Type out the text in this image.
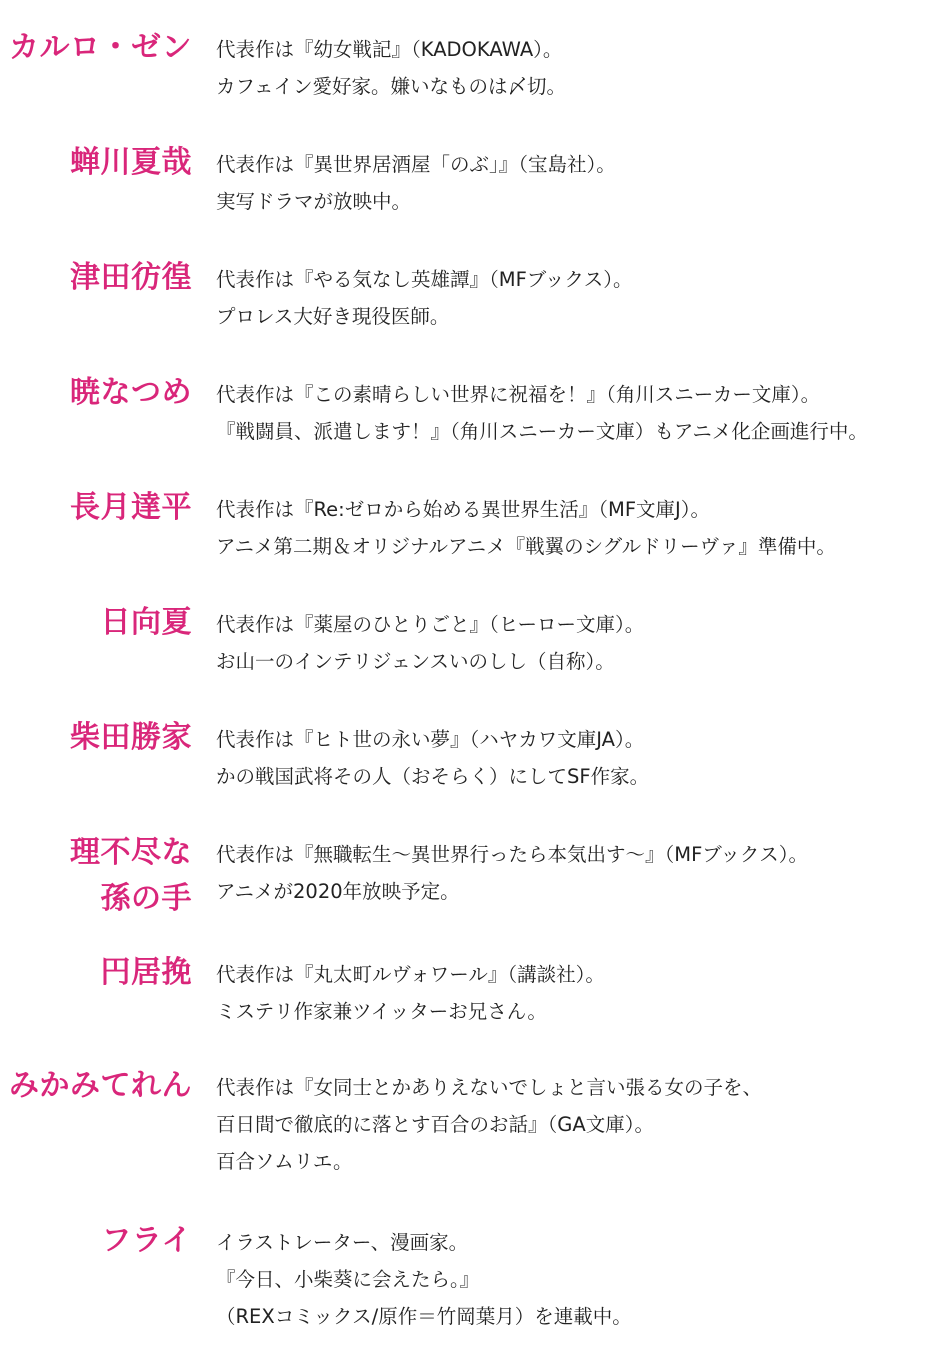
カルロ・ゼン 代表作は『幼女戦記』（KADOKAWA）。
カフェイン愛好家。嫌いなものは〆切。
蝉川夏哉 代表作は『異世界居酒屋「のぶ」』（宝島社）。
実写ドラマが放映中。
津田彷徨 代表作は『やる気なし英雄譚』（MFブックス）。
プロレス大好き現役医師。
暁なつめ 代表作は『この素晴らしい世界に祝福を！』（角川スニーカー文庫）。
『戦闘員、派遣します！』（角川スニーカー文庫）もアニメ化企画進行中。
長月達平 代表作は『Re:ゼロから始める異世界生活』（MF文庫J）。
アニメ第二期＆オリジナルアニメ『戦翼のシグルドリーヴァ』準備中。
日向夏 代表作は『薬屋のひとりごと』（ヒーロー文庫）。
お山一のインテリジェンスいのしし（自称）。
柴田勝家 代表作は『ヒト世の永い夢』（ハヤカワ文庫JA）。
かの戦国武将その人（おそらく）にしてSF作家。
理不尽な
孫の手
代表作は『無職転生～異世界行ったら本気出す～』（MFブックス）。
アニメが2020年放映予定。
円居挽 代表作は『丸太町ルヴォワール』（講談社）。
ミステリ作家兼ツイッターお兄さん。
みかみてれん 代表作は『女同士とかありえないでしょと言い張る女の子を、
百日間で徹底的に落とす百合のお話』（GA文庫）。
百合ソムリエ。
フライ イラストレーター、漫画家。
『今日、小柴葵に会えたら。』
（REXコミックス/原作＝竹岡葉月）を連載中。
